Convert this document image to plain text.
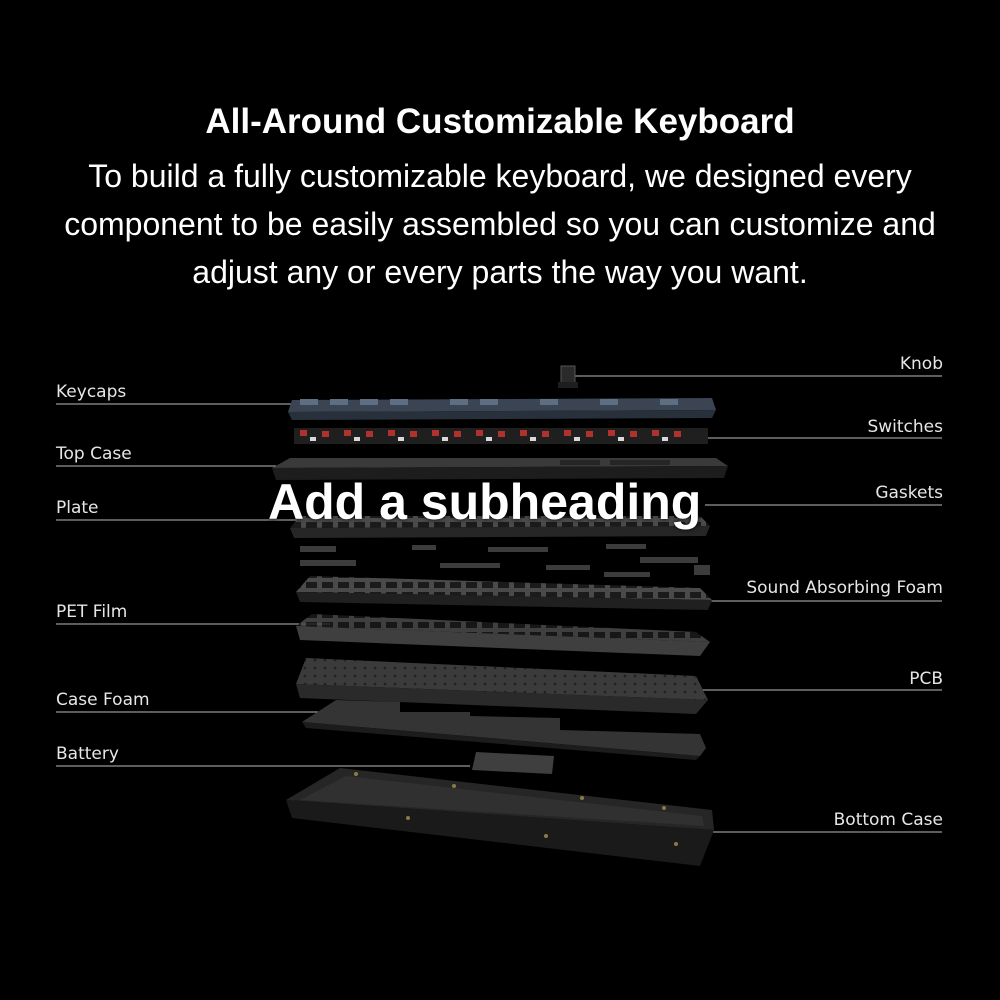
All-Around Customizable Keyboard
To build a fully customizable keyboard, we designed every
component to be easily assembled so you can customize and
adjust any or every parts the way you want.
Keycaps
Top Case
Plate
PET Film
Case Foam
Battery
Knob
Switches
Gaskets
Sound Absorbing Foam
PCB
Bottom Case
Add a subheading
